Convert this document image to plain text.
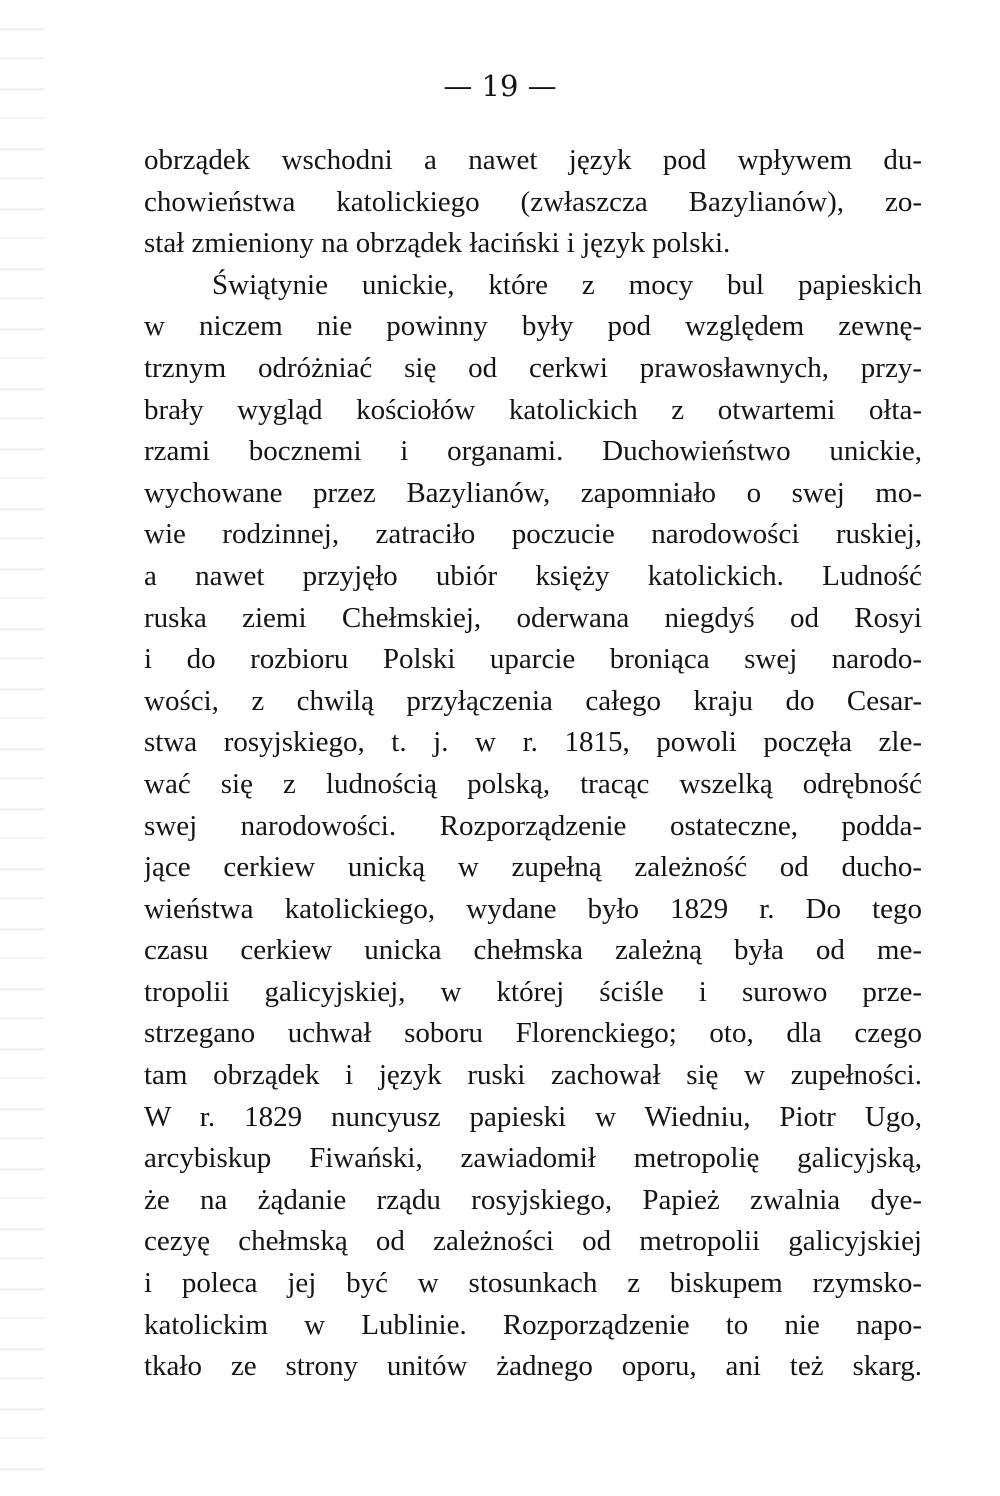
— 19 —
obrządek wschodni a nawet język pod wpływem du-
chowieństwa katolickiego (zwłaszcza Bazylianów), zo-
stał zmieniony na obrządek łaciński i język polski.
Świątynie unickie, które z mocy bul papieskich
w niczem nie powinny były pod względem zewnę-
trznym odróżniać się od cerkwi prawosławnych, przy-
brały wygląd kościołów katolickich z otwartemi ołta-
rzami bocznemi i organami. Duchowieństwo unickie,
wychowane przez Bazylianów, zapomniało o swej mo-
wie rodzinnej, zatraciło poczucie narodowości ruskiej,
a nawet przyjęło ubiór księży katolickich. Ludność
ruska ziemi Chełmskiej, oderwana niegdyś od Rosyi
i do rozbioru Polski uparcie broniąca swej narodo-
wości, z chwilą przyłączenia całego kraju do Cesar-
stwa rosyjskiego, t. j. w r. 1815, powoli poczęła zle-
wać się z ludnością polską, tracąc wszelką odrębność
swej narodowości. Rozporządzenie ostateczne, podda-
jące cerkiew unicką w zupełną zależność od ducho-
wieństwa katolickiego, wydane było 1829 r. Do tego
czasu cerkiew unicka chełmska zależną była od me-
tropolii galicyjskiej, w której ściśle i surowo prze-
strzegano uchwał soboru Florenckiego; oto, dla czego
tam obrządek i język ruski zachował się w zupełności.
W r. 1829 nuncyusz papieski w Wiedniu, Piotr Ugo,
arcybiskup Fiwański, zawiadomił metropolię galicyjską,
że na żądanie rządu rosyjskiego, Papież zwalnia dye-
cezyę chełmską od zależności od metropolii galicyjskiej
i poleca jej być w stosunkach z biskupem rzymsko-
katolickim w Lublinie. Rozporządzenie to nie napo-
tkało ze strony unitów żadnego oporu, ani też skarg.
